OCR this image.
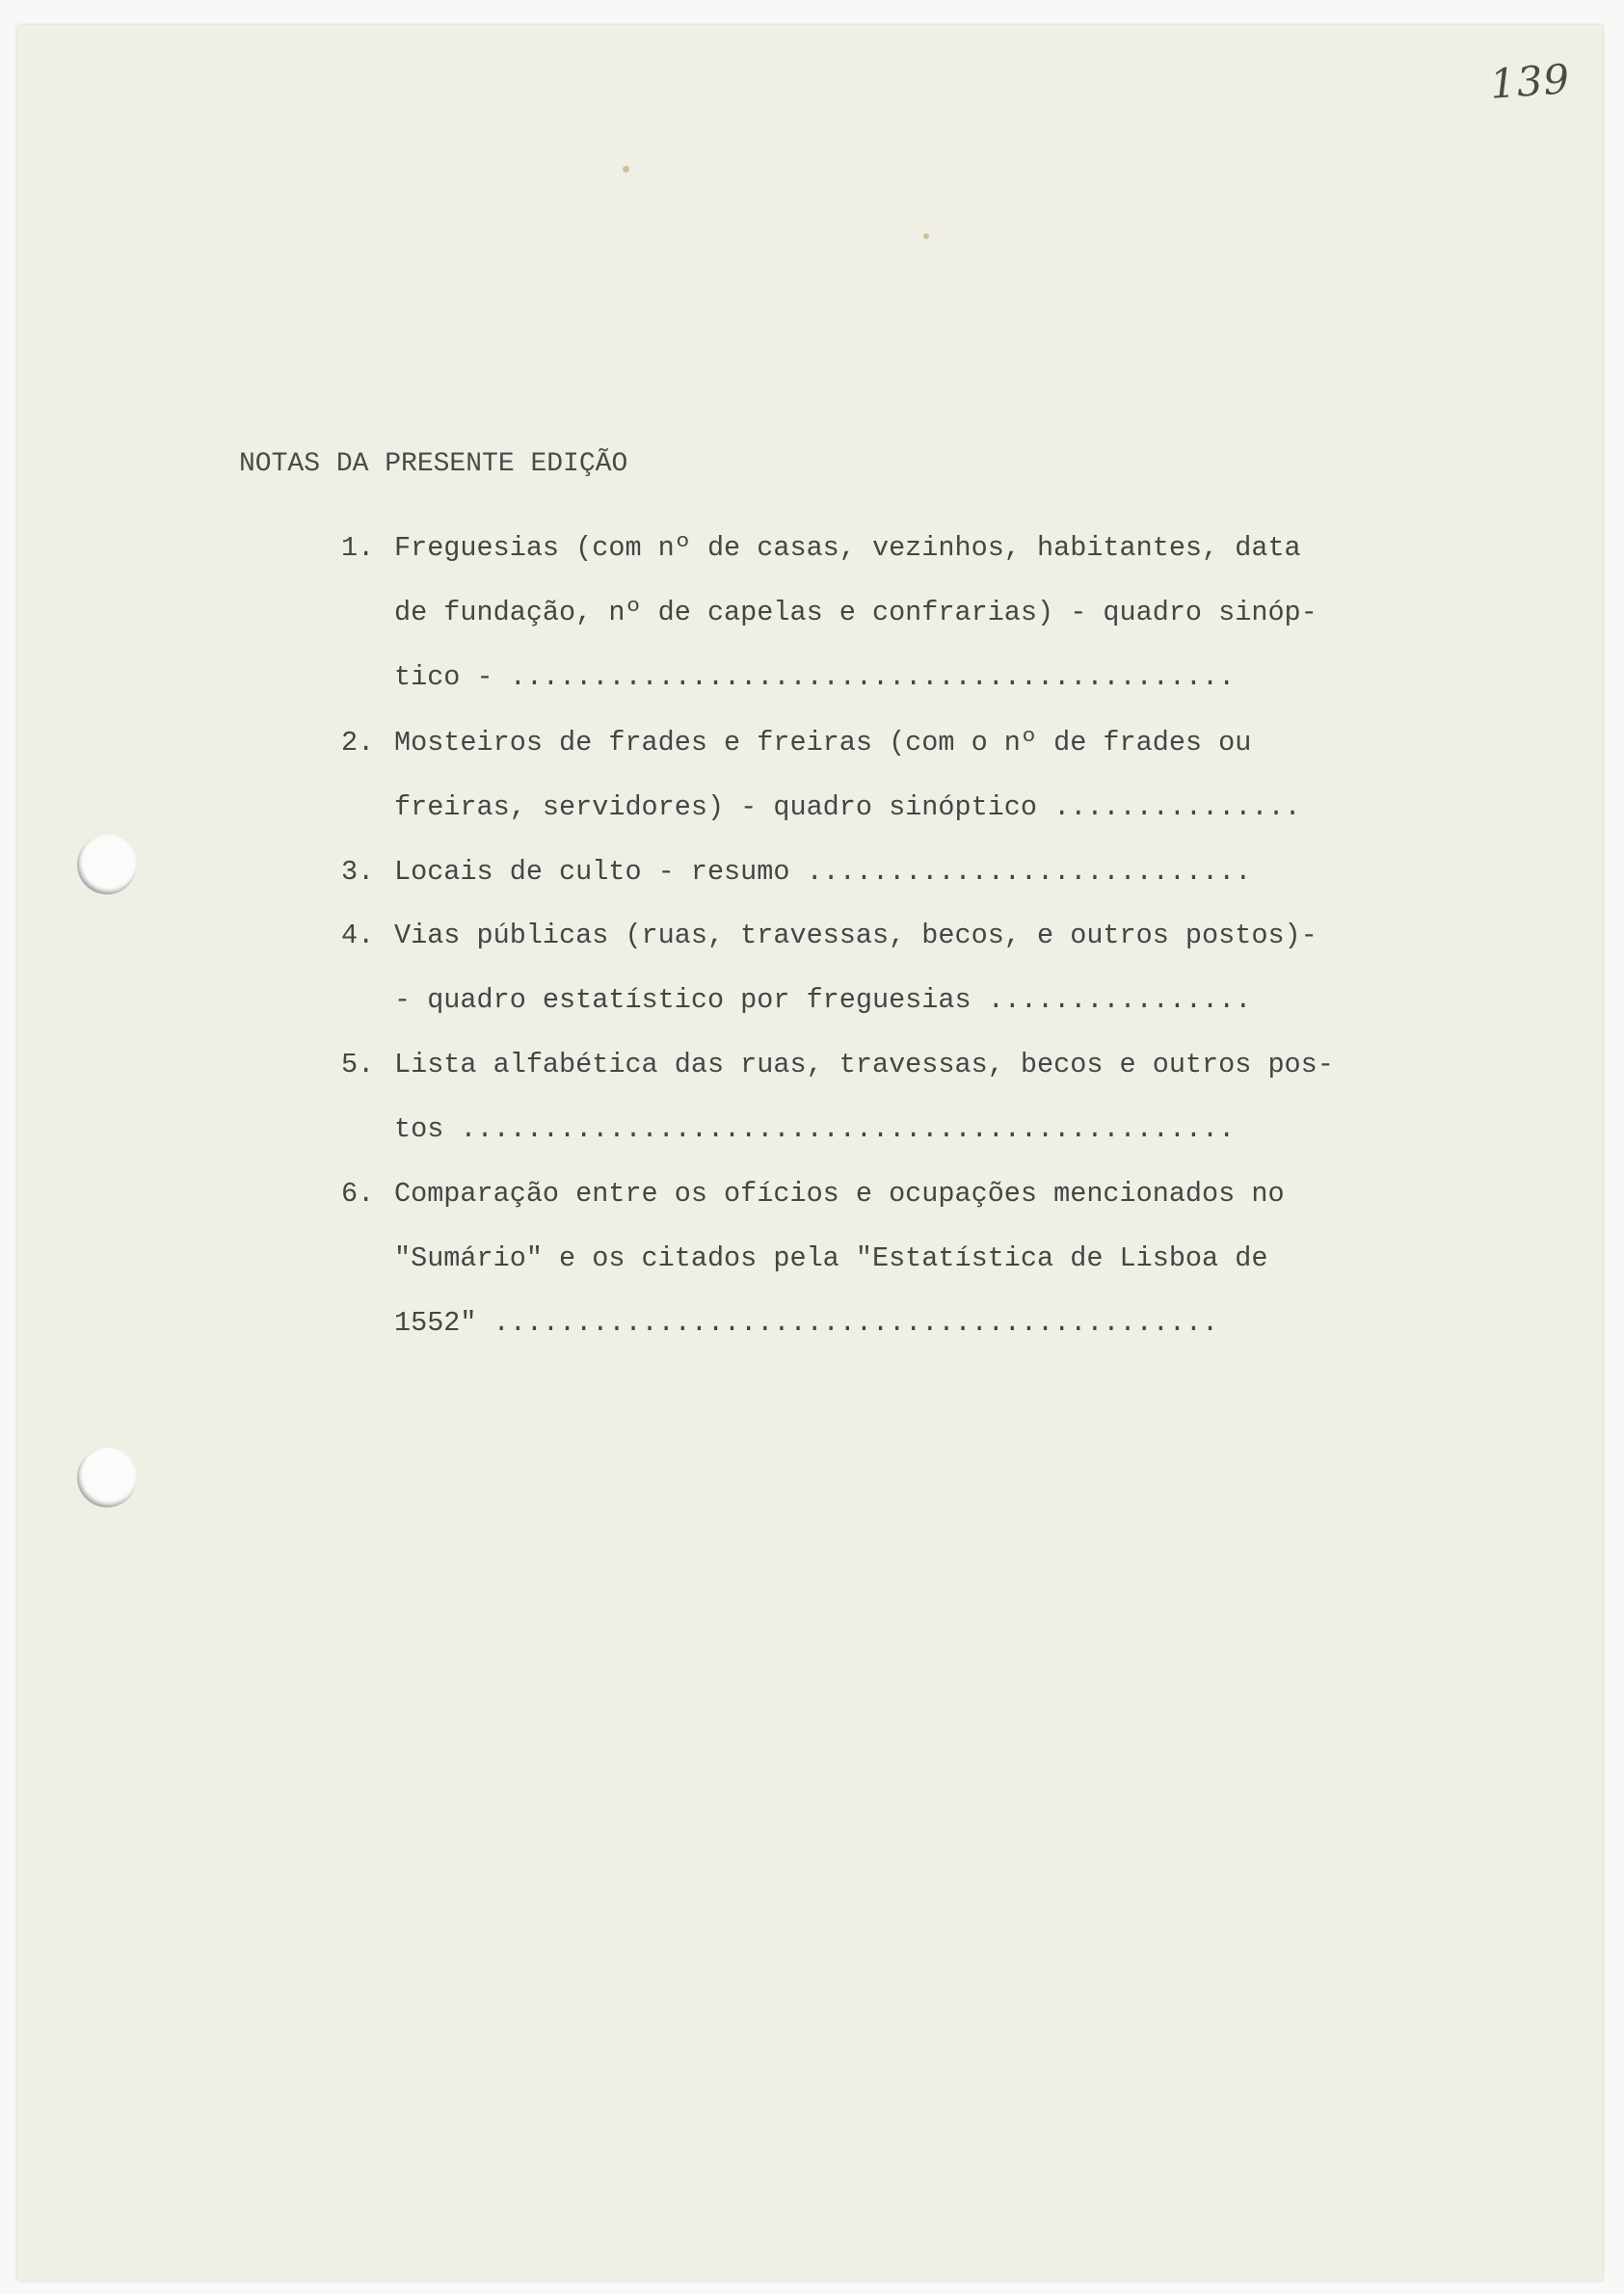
139
NOTAS DA PRESENTE EDIÇÃO
1. Freguesias (com nº de casas, vezinhos, habitantes, data
de fundação, nº de capelas e confrarias) - quadro sinóp-
tico - ............................................
2. Mosteiros de frades e freiras (com o nº de frades ou
freiras, servidores) - quadro sinóptico ...............
3. Locais de culto - resumo ...........................
4. Vias públicas (ruas, travessas, becos, e outros postos)-
- quadro estatístico por freguesias ................
5. Lista alfabética das ruas, travessas, becos e outros pos-
tos ...............................................
6. Comparação entre os ofícios e ocupações mencionados no
"Sumário" e os citados pela "Estatística de Lisboa de
1552" ............................................
